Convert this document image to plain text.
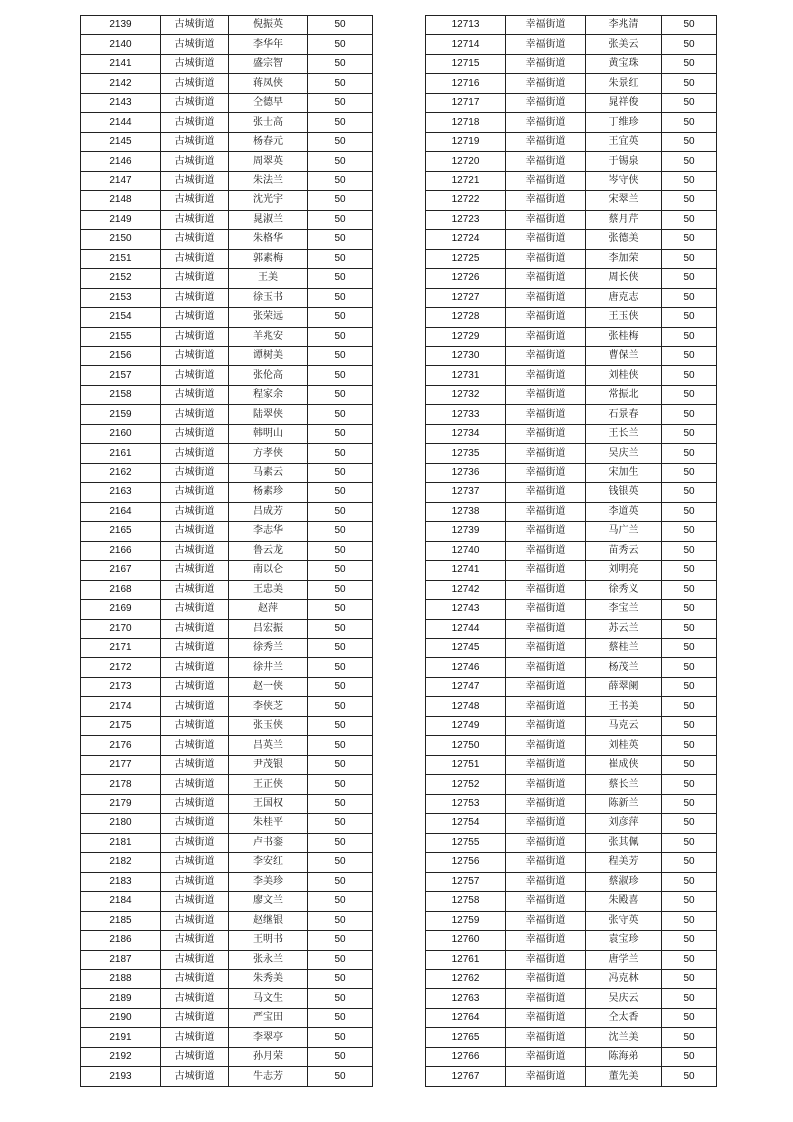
2139	古城街道	倪振英	50
2140	古城街道	李华年	50
2141	古城街道	盛宗智	50
2142	古城街道	蒋凤侠	50
2143	古城街道	仝德早	50
2144	古城街道	张士高	50
2145	古城街道	杨春元	50
2146	古城街道	周翠英	50
2147	古城街道	朱法兰	50
2148	古城街道	沈光宇	50
2149	古城街道	晁淑兰	50
2150	古城街道	朱格华	50
2151	古城街道	郭素梅	50
2152	古城街道	王美	50
2153	古城街道	徐玉书	50
2154	古城街道	张荣远	50
2155	古城街道	羊兆安	50
2156	古城街道	谭树美	50
2157	古城街道	张伦高	50
2158	古城街道	程家余	50
2159	古城街道	陆翠侠	50
2160	古城街道	韩明山	50
2161	古城街道	方孝侠	50
2162	古城街道	马素云	50
2163	古城街道	杨素珍	50
2164	古城街道	吕成芳	50
2165	古城街道	李志华	50
2166	古城街道	鲁云龙	50
2167	古城街道	南以仑	50
2168	古城街道	王忠美	50
2169	古城街道	赵萍	50
2170	古城街道	吕宏振	50
2171	古城街道	徐秀兰	50
2172	古城街道	徐井兰	50
2173	古城街道	赵一侠	50
2174	古城街道	李侠芝	50
2175	古城街道	张玉侠	50
2176	古城街道	吕英兰	50
2177	古城街道	尹茂银	50
2178	古城街道	王正侠	50
2179	古城街道	王国权	50
2180	古城街道	朱桂平	50
2181	古城街道	卢书銮	50
2182	古城街道	李安红	50
2183	古城街道	李美珍	50
2184	古城街道	廖文兰	50
2185	古城街道	赵继银	50
2186	古城街道	王明书	50
2187	古城街道	张永兰	50
2188	古城街道	朱秀美	50
2189	古城街道	马文生	50
2190	古城街道	严宝田	50
2191	古城街道	李翠亭	50
2192	古城街道	孙月荣	50
2193	古城街道	牛志芳	50
12713	幸福街道	李兆清	50
12714	幸福街道	张美云	50
12715	幸福街道	黄宝珠	50
12716	幸福街道	朱景红	50
12717	幸福街道	晁祥俊	50
12718	幸福街道	丁维珍	50
12719	幸福街道	王宜英	50
12720	幸福街道	于锡泉	50
12721	幸福街道	岑守侠	50
12722	幸福街道	宋翠兰	50
12723	幸福街道	蔡月芹	50
12724	幸福街道	张德美	50
12725	幸福街道	李加荣	50
12726	幸福街道	周长侠	50
12727	幸福街道	唐克志	50
12728	幸福街道	王玉侠	50
12729	幸福街道	张桂梅	50
12730	幸福街道	曹保兰	50
12731	幸福街道	刘桂侠	50
12732	幸福街道	常振北	50
12733	幸福街道	石景春	50
12734	幸福街道	王长兰	50
12735	幸福街道	吴庆兰	50
12736	幸福街道	宋加生	50
12737	幸福街道	钱银英	50
12738	幸福街道	李道英	50
12739	幸福街道	马广兰	50
12740	幸福街道	苗秀云	50
12741	幸福街道	刘明亮	50
12742	幸福街道	徐秀义	50
12743	幸福街道	李宝兰	50
12744	幸福街道	苏云兰	50
12745	幸福街道	蔡桂兰	50
12746	幸福街道	杨茂兰	50
12747	幸福街道	薛翠阑	50
12748	幸福街道	王书美	50
12749	幸福街道	马克云	50
12750	幸福街道	刘桂英	50
12751	幸福街道	崔成侠	50
12752	幸福街道	蔡长兰	50
12753	幸福街道	陈新兰	50
12754	幸福街道	刘彦萍	50
12755	幸福街道	张其佩	50
12756	幸福街道	程美芳	50
12757	幸福街道	蔡淑珍	50
12758	幸福街道	朱殿喜	50
12759	幸福街道	张守英	50
12760	幸福街道	袁宝珍	50
12761	幸福街道	唐学兰	50
12762	幸福街道	冯克林	50
12763	幸福街道	吴庆云	50
12764	幸福街道	仝太香	50
12765	幸福街道	沈兰美	50
12766	幸福街道	陈海弟	50
12767	幸福街道	董先美	50
